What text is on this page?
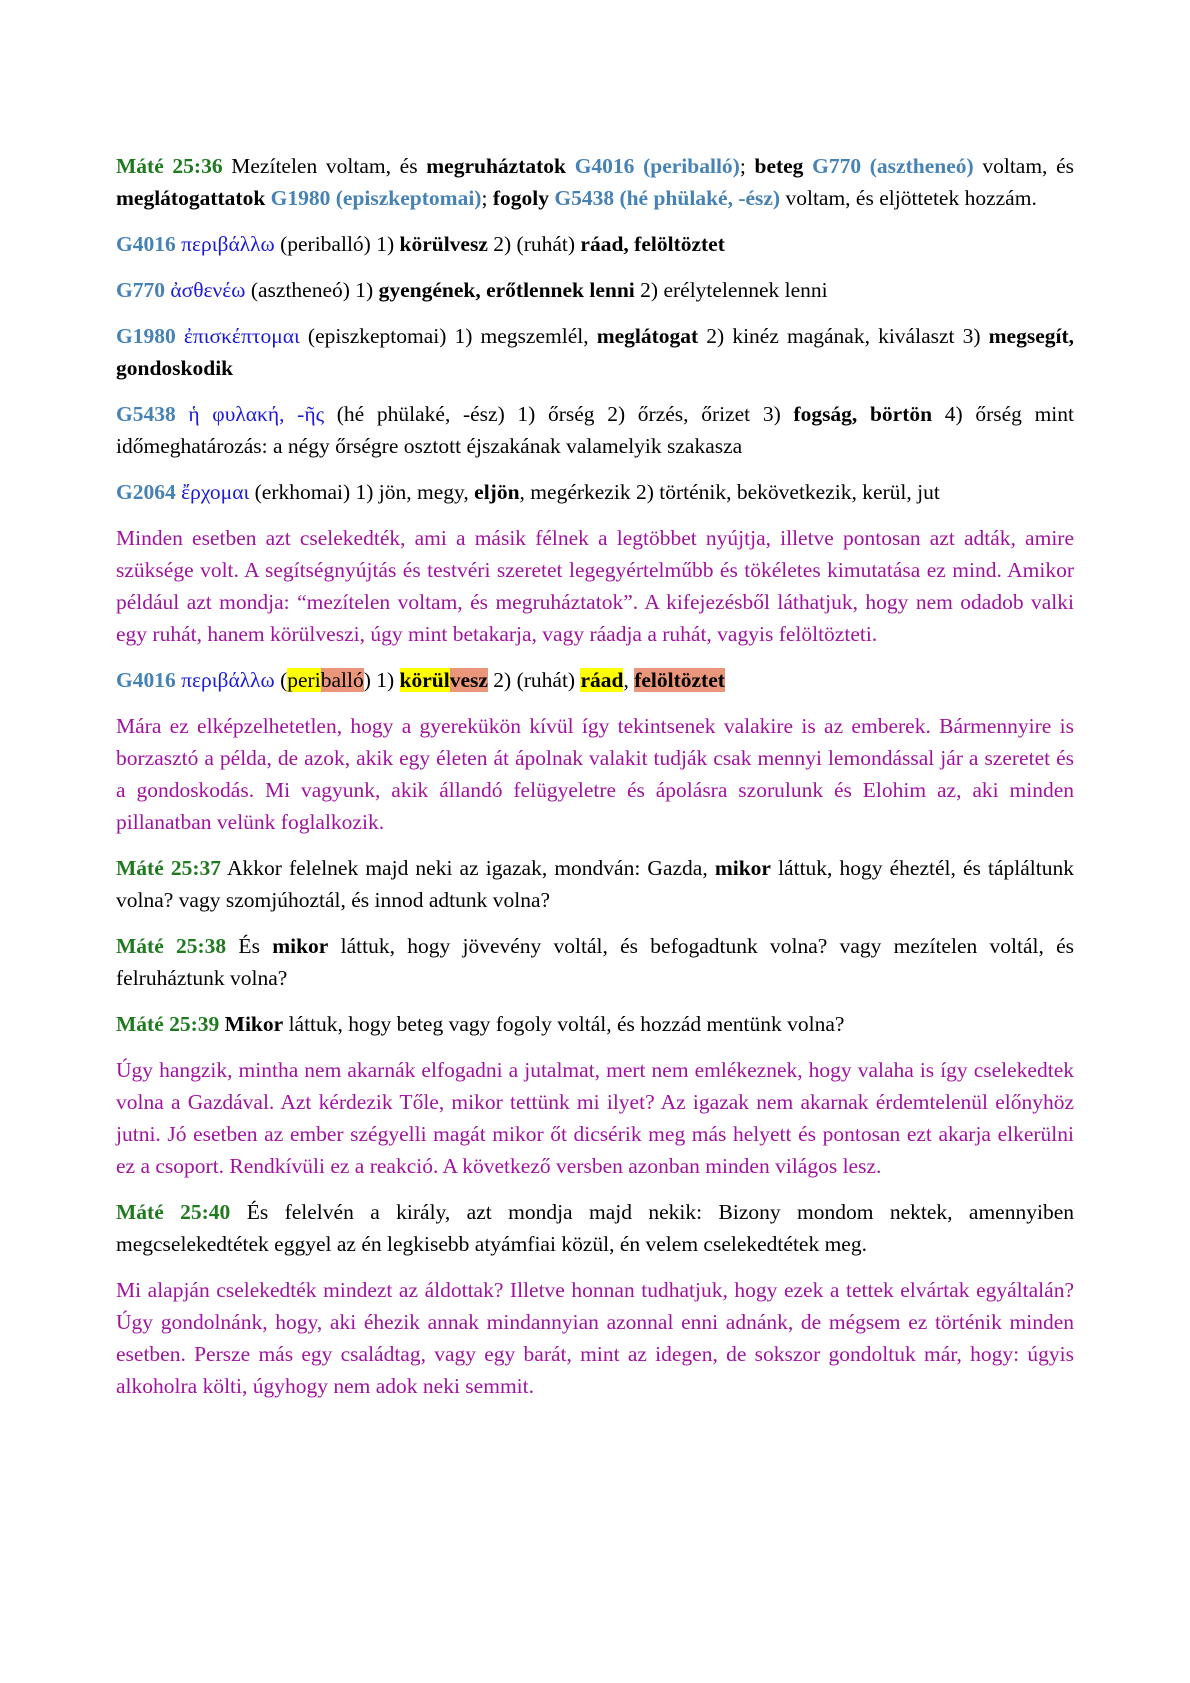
Máté 25:36 Mezítelen voltam, és megruháztatok G4016 (periballó); beteg G770 (asztheneó) voltam, és meglátogattatok G1980 (episzkeptomai); fogoly G5438 (hé phülaké, -ész) voltam, és eljöttetek hozzám.

G4016 περιβάλλω (periballó) 1) körülvesz 2) (ruhát) ráad, felöltöztet

G770 ἀσθενέω (asztheneó) 1) gyengének, erőtlennek lenni 2) erélytelennek lenni

G1980 ἐπισκέπτομαι (episzkeptomai) 1) megszemlél, meglátogat 2) kinéz magának, kiválaszt 3) megsegít, gondoskodik

G5438 ἡ φυλακή, -ῆς (hé phülaké, -ész) 1) őrség 2) őrzés, őrizet 3) fogság, börtön 4) őrség mint időmeghatározás: a négy őrségre osztott éjszakának valamelyik szakasza

G2064 ἔρχομαι (erkhomai) 1) jön, megy, eljön, megérkezik 2) történik, bekövetkezik, kerül, jut

Minden esetben azt cselekedték, ami a másik félnek a legtöbbet nyújtja, illetve pontosan azt adták, amire szüksége volt. A segítségnyújtás és testvéri szeretet legegyértelműbb és tökéletes kimutatása ez mind. Amikor például azt mondja: “mezítelen voltam, és megruháztatok”. A kifejezésből láthatjuk, hogy nem odadob valki egy ruhát, hanem körülveszi, úgy mint betakarja, vagy ráadja a ruhát, vagyis felöltözteti.

G4016 περιβάλλω (periballó) 1) körülvesz 2) (ruhát) ráad, felöltöztet

Mára ez elképzelhetetlen, hogy a gyerekükön kívül így tekintsenek valakire is az emberek. Bármennyire is borzasztó a példa, de azok, akik egy életen át ápolnak valakit tudják csak mennyi lemondással jár a szeretet és a gondoskodás. Mi vagyunk, akik állandó felügyeletre és ápolásra szorulunk és Elohim az, aki minden pillanatban velünk foglalkozik.

Máté 25:37 Akkor felelnek majd neki az igazak, mondván: Gazda, mikor láttuk, hogy éheztél, és tápláltunk volna? vagy szomjúhoztál, és innod adtunk volna?

Máté 25:38 És mikor láttuk, hogy jövevény voltál, és befogadtunk volna? vagy mezítelen voltál, és felruháztunk volna?

Máté 25:39 Mikor láttuk, hogy beteg vagy fogoly voltál, és hozzád mentünk volna?

Úgy hangzik, mintha nem akarnák elfogadni a jutalmat, mert nem emlékeznek, hogy valaha is így cselekedtek volna a Gazdával. Azt kérdezik Tőle, mikor tettünk mi ilyet? Az igazak nem akarnak érdemtelenül előnyhöz jutni. Jó esetben az ember szégyelli magát mikor őt dicsérik meg más helyett és pontosan ezt akarja elkerülni ez a csoport. Rendkívüli ez a reakció. A következő versben azonban minden világos lesz.

Máté 25:40 És felelvén a király, azt mondja majd nekik: Bizony mondom nektek, amennyiben megcselekedtétek eggyel az én legkisebb atyámfiai közül, én velem cselekedtétek meg.

Mi alapján cselekedték mindezt az áldottak? Illetve honnan tudhatjuk, hogy ezek a tettek elvártak egyáltalán? Úgy gondolnánk, hogy, aki éhezik annak mindannyian azonnal enni adnánk, de mégsem ez történik minden esetben. Persze más egy családtag, vagy egy barát, mint az idegen, de sokszor gondoltuk már, hogy: úgyis alkoholra költi, úgyhogy nem adok neki semmit.
